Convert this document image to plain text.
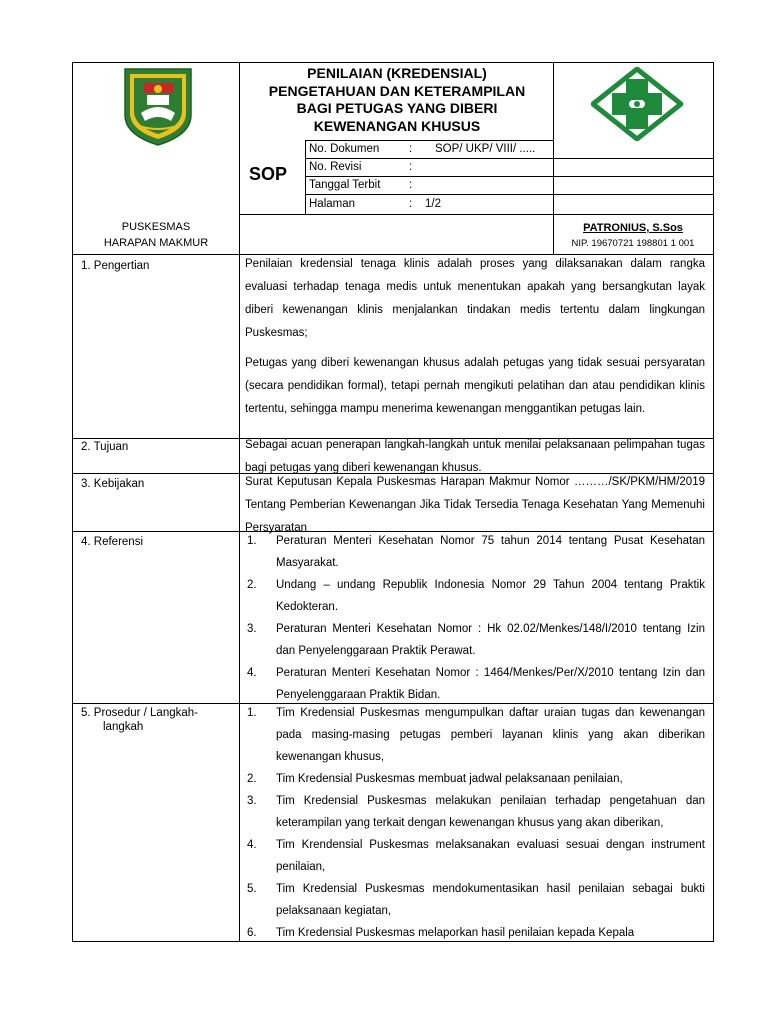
PENILAIAN (KREDENSIAL)
PENGETAHUAN DAN KETERAMPILAN
BAGI PETUGAS YANG DIBERI
KEWENANGAN KHUSUS
SOP
No. Dokumen	: SOP/ UKP/ VIII/ .....
No. Revisi	:
Tanggal Terbit :
Halaman	: 1/2
PUSKESMAS
HARAPAN MAKMUR
PATRONIUS, S.Sos
NIP. 19670721 198801 1 001
1. Pengertian	Penilaian kredensial tenaga klinis adalah proses yang dilaksanakan dalam rangka evaluasi terhadap tenaga medis untuk menentukan apakah yang bersangkutan layak diberi kewenangan klinis menjalankan tindakan medis tertentu dalam lingkungan Puskesmas;
Petugas yang diberi kewenangan khusus adalah petugas yang tidak sesuai persyaratan (secara pendidikan formal), tetapi pernah mengikuti pelatihan dan atau pendidikan klinis tertentu, sehingga mampu menerima kewenangan menggantikan petugas lain.
2. Tujuan	Sebagai acuan penerapan langkah-langkah untuk menilai pelaksanaan pelimpahan tugas bagi petugas yang diberi kewenangan khusus.
3. Kebijakan	Surat Keputusan Kepala Puskesmas Harapan Makmur Nomor ………/SK/PKM/HM/2019 Tentang Pemberian Kewenangan Jika Tidak Tersedia Tenaga Kesehatan Yang Memenuhi Persyaratan
4. Referensi	1. Peraturan Menteri Kesehatan Nomor 75 tahun 2014 tentang Pusat Kesehatan Masyarakat.
2. Undang – undang Republik Indonesia Nomor 29 Tahun 2004 tentang Praktik Kedokteran.
3. Peraturan Menteri Kesehatan Nomor : Hk 02.02/Menkes/148/I/2010 tentang Izin dan Penyelenggaraan Praktik Perawat.
4. Peraturan Menteri Kesehatan Nomor : 1464/Menkes/Per/X/2010 tentang Izin dan Penyelenggaraan Praktik Bidan.
5. Prosedur / Langkah-
langkah
1. Tim Kredensial Puskesmas mengumpulkan daftar uraian tugas dan kewenangan pada masing-masing petugas pemberi layanan klinis yang akan diberikan kewenangan khusus,
2. Tim Kredensial Puskesmas membuat jadwal pelaksanaan penilaian,
3. Tim Kredensial Puskesmas melakukan penilaian terhadap pengetahuan dan keterampilan yang terkait dengan kewenangan khusus yang akan diberikan,
4. Tim Krendensial Puskesmas melaksanakan evaluasi sesuai dengan instrument penilaian,
5. Tim Kredensial Puskesmas mendokumentasikan hasil penilaian sebagai bukti pelaksanaan kegiatan,
6. Tim Kredensial Puskesmas melaporkan hasil penilaian kepada Kepala
